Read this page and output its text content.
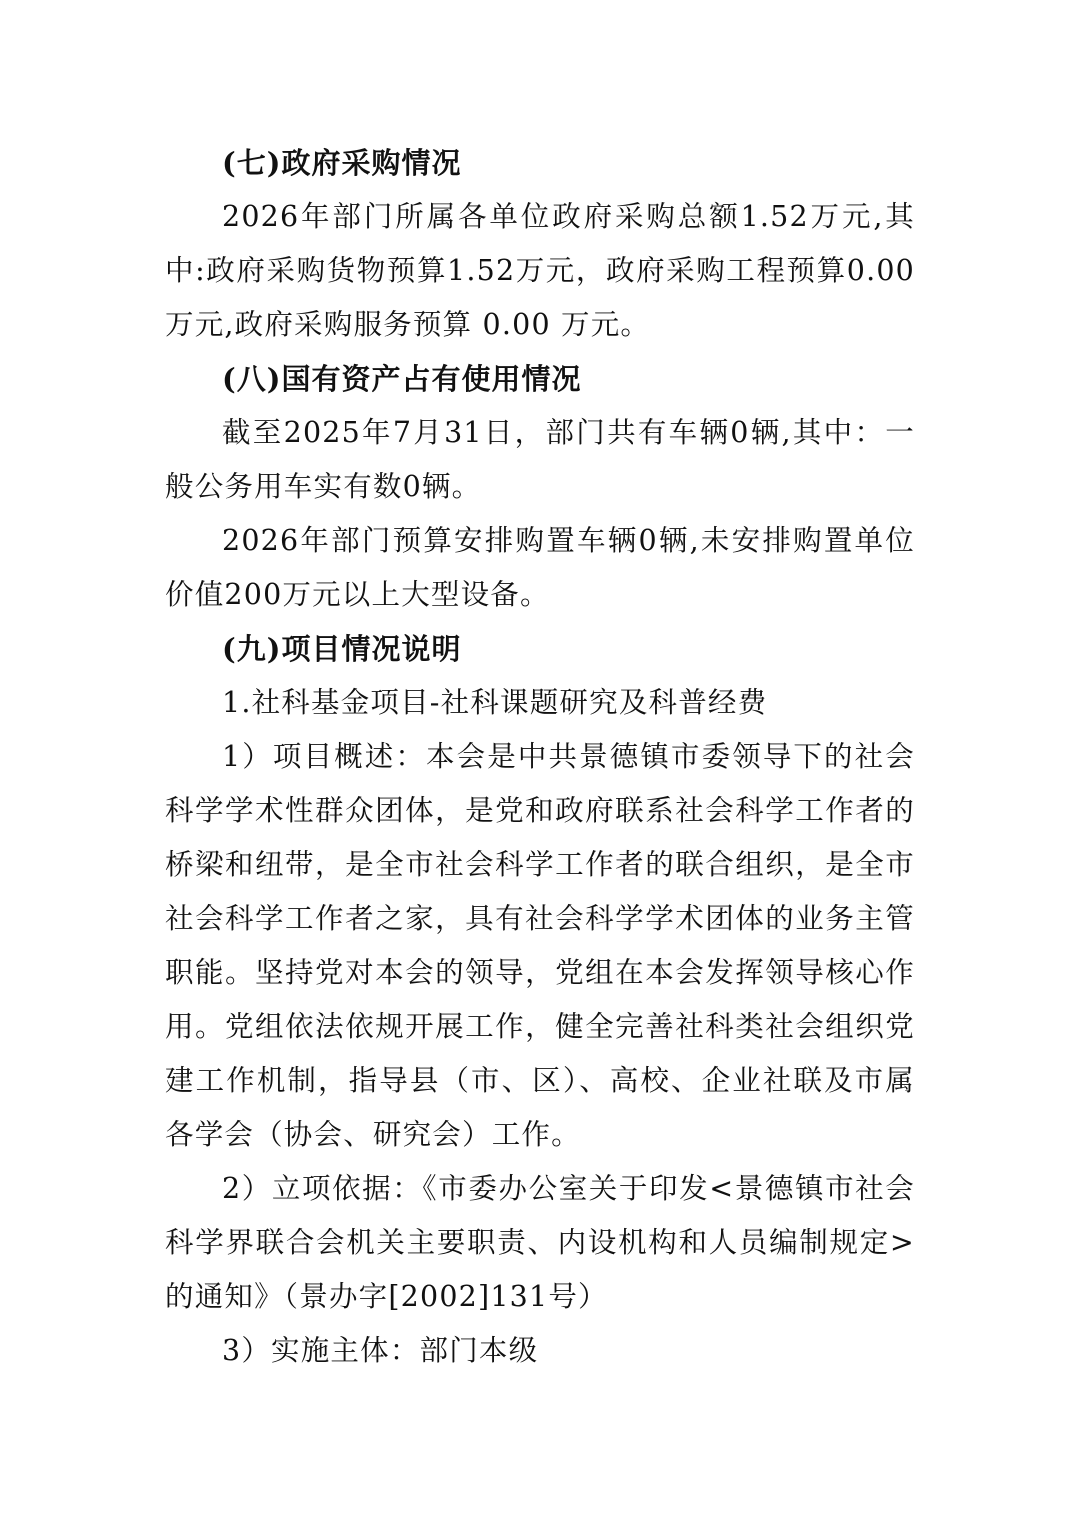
(七)政府采购情况

2026年部门所属各单位政府采购总额1.52万元,其中:政府采购货物预算1.52万元，政府采购工程预算0.00万元,政府采购服务预算 0.00 万元。

(八)国有资产占有使用情况

截至2025年7月31日，部门共有车辆0辆,其中：一般公务用车实有数0辆。

2026年部门预算安排购置车辆0辆,未安排购置单位价值200万元以上大型设备。

(九)项目情况说明

1.社科基金项目-社科课题研究及科普经费

1）项目概述：本会是中共景德镇市委领导下的社会科学学术性群众团体，是党和政府联系社会科学工作者的桥梁和纽带，是全市社会科学工作者的联合组织，是全市社会科学工作者之家，具有社会科学学术团体的业务主管职能。坚持党对本会的领导，党组在本会发挥领导核心作用。党组依法依规开展工作，健全完善社科类社会组织党建工作机制，指导县（市、区）、高校、企业社联及市属各学会（协会、研究会）工作。

2）立项依据：《市委办公室关于印发<景德镇市社会科学界联合会机关主要职责、内设机构和人员编制规定>的通知》（景办字[2002]131号）

3）实施主体：部门本级
